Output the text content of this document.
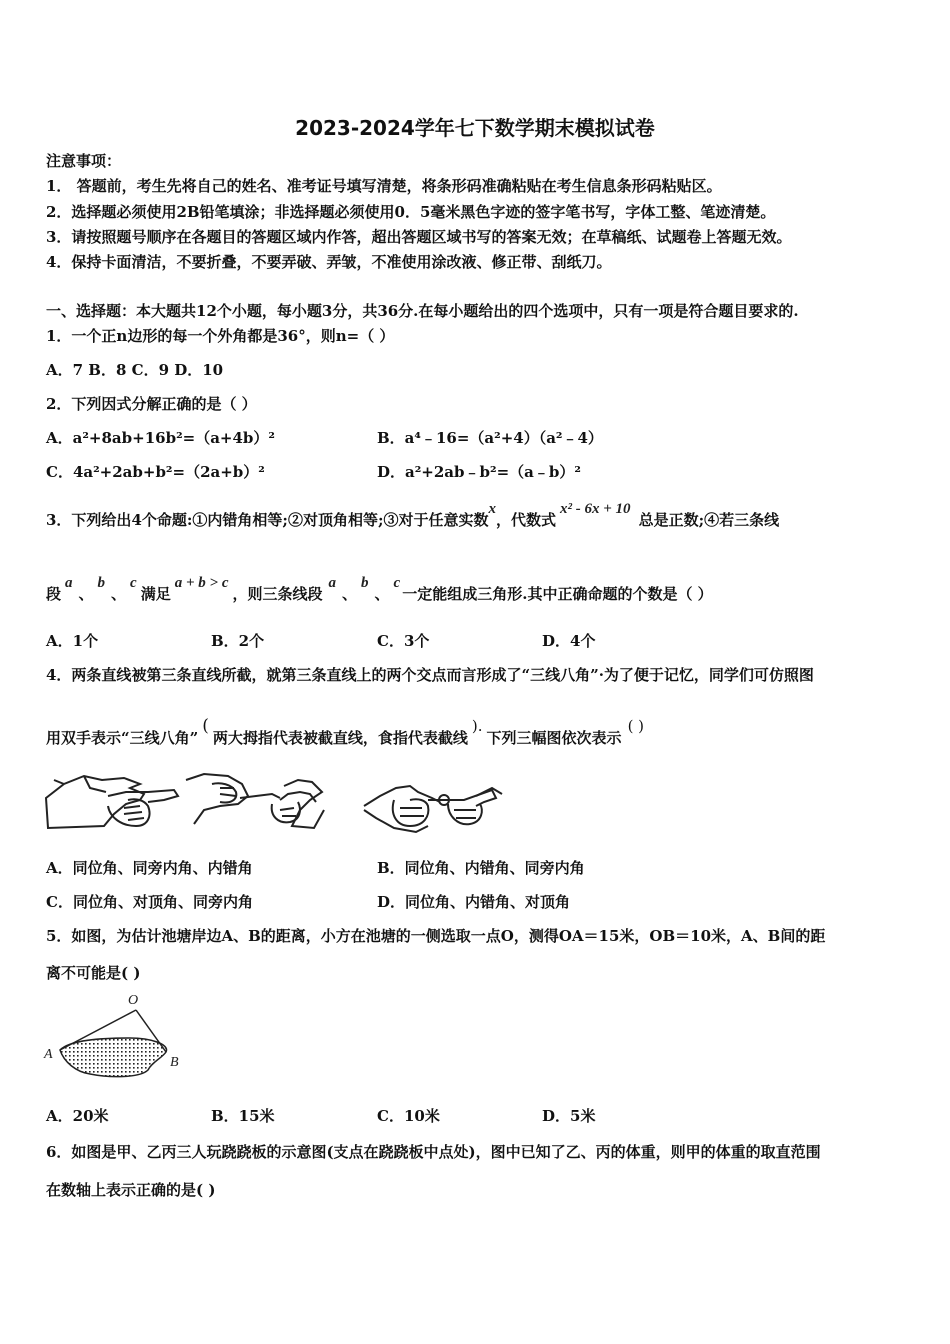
2023-2024学年七下数学期末模拟试卷
注意事项：
1． 答题前，考生先将自己的姓名、准考证号填写清楚，将条形码准确粘贴在考生信息条形码粘贴区。
2．选择题必须使用2B铅笔填涂；非选择题必须使用0．5毫米黑色字迹的签字笔书写，字体工整、笔迹清楚。
3．请按照题号顺序在各题目的答题区域内作答，超出答题区域书写的答案无效；在草稿纸、试题卷上答题无效。
4．保持卡面清洁，不要折叠，不要弄破、弄皱，不准使用涂改液、修正带、刮纸刀。
一、选择题：本大题共12个小题，每小题3分，共36分.在每小题给出的四个选项中，只有一项是符合题目要求的.
1．一个正n边形的每一个外角都是36°，则n=（ ）
A．7 B．8 C．9 D．10
2．下列因式分解正确的是（ ）
A．a²+8ab+16b²=（a+4b）²	B．a⁴﹣16=（a²+4）（a²﹣4）
C．4a²+2ab+b²=（2a+b）²	D．a²+2ab﹣b²=（a﹣b）²
3．下列给出4个命题:①内错角相等;②对顶角相等;③对于任意实数x，代数式x² - 6x + 10总是正数;④若三条线
段a、b、c满足a + b > c，则三条线段a、b、c一定能组成三角形.其中正确命题的个数是（ ）
A．1个	B．2个	C．3个	D．4个
4．两条直线被第三条直线所截，就第三条直线上的两个交点而言形成了“三线八角”·为了便于记忆，同学们可仿照图
用双手表示“三线八角”(两大拇指代表被截直线，食指代表截线).下列三幅图依次表示( )
A．同位角、同旁内角、内错角	B．同位角、内错角、同旁内角
C．同位角、对顶角、同旁内角	D．同位角、内错角、对顶角
5．如图，为估计池塘岸边A、B的距离，小方在池塘的一侧选取一点O，测得OA＝15米，OB＝10米，A、B间的距
离不可能是( )
O
A
B
A．20米	B．15米	C．10米	D．5米
6．如图是甲、乙丙三人玩跷跷板的示意图(支点在跷跷板中点处)，图中已知了乙、丙的体重，则甲的体重的取直范围
在数轴上表示正确的是( )
